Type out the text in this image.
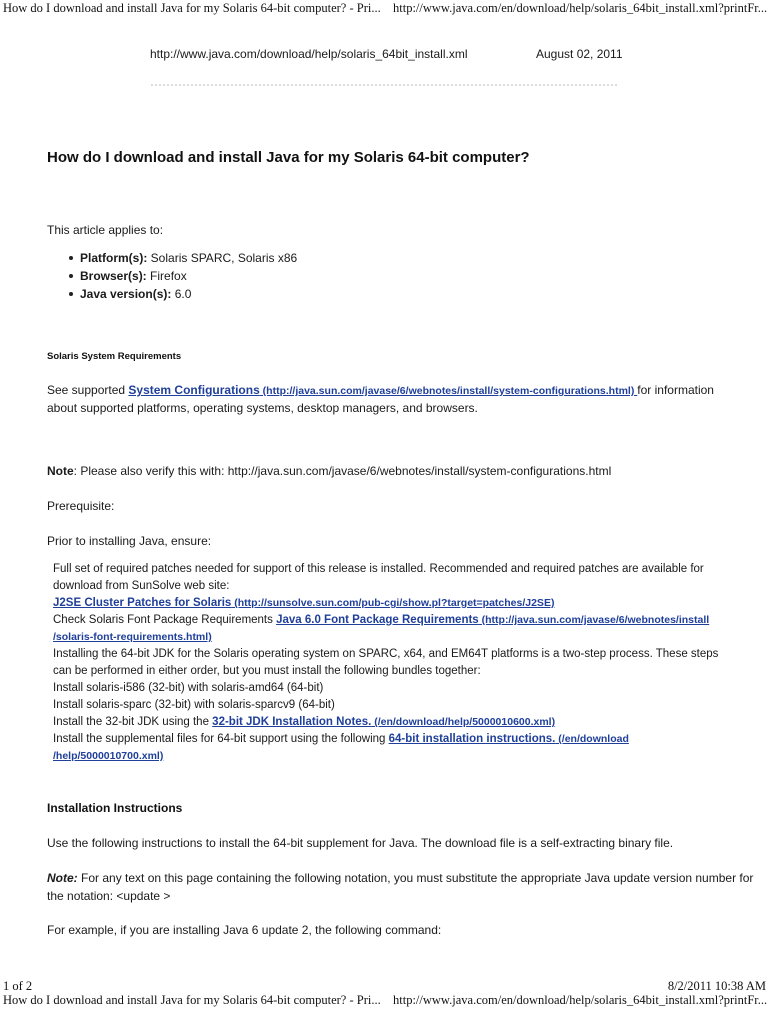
How do I download and install Java for my Solaris 64-bit computer? - Pri... http://www.java.com/en/download/help/solaris_64bit_install.xml?printFr...
http://www.java.com/download/help/solaris_64bit_install.xml	August 02, 2011
How do I download and install Java for my Solaris 64-bit computer?
This article applies to:
Platform(s): Solaris SPARC, Solaris x86
Browser(s): Firefox
Java version(s): 6.0
Solaris System Requirements
See supported System Configurations (http://java.sun.com/javase/6/webnotes/install/system-configurations.html) for information
about supported platforms, operating systems, desktop managers, and browsers.
Note: Please also verify this with: http://java.sun.com/javase/6/webnotes/install/system-configurations.html
Prerequisite:
Prior to installing Java, ensure:
Full set of required patches needed for support of this release is installed. Recommended and required patches are available for
download from SunSolve web site:
J2SE Cluster Patches for Solaris (http://sunsolve.sun.com/pub-cgi/show.pl?target=patches/J2SE)
Check Solaris Font Package Requirements Java 6.0 Font Package Requirements (http://java.sun.com/javase/6/webnotes/install
/solaris-font-requirements.html)
Installing the 64-bit JDK for the Solaris operating system on SPARC, x64, and EM64T platforms is a two-step process. These steps
can be performed in either order, but you must install the following bundles together:
Install solaris-i586 (32-bit) with solaris-amd64 (64-bit)
Install solaris-sparc (32-bit) with solaris-sparcv9 (64-bit)
Install the 32-bit JDK using the 32-bit JDK Installation Notes. (/en/download/help/5000010600.xml)
Install the supplemental files for 64-bit support using the following 64-bit installation instructions. (/en/download
/help/5000010700.xml)
Installation Instructions
Use the following instructions to install the 64-bit supplement for Java. The download file is a self-extracting binary file.
Note: For any text on this page containing the following notation, you must substitute the appropriate Java update version number for
the notation: <update >
For example, if you are installing Java 6 update 2, the following command:
1 of 2	8/2/2011 10:38 AM
How do I download and install Java for my Solaris 64-bit computer? - Pri... http://www.java.com/en/download/help/solaris_64bit_install.xml?printFr...
